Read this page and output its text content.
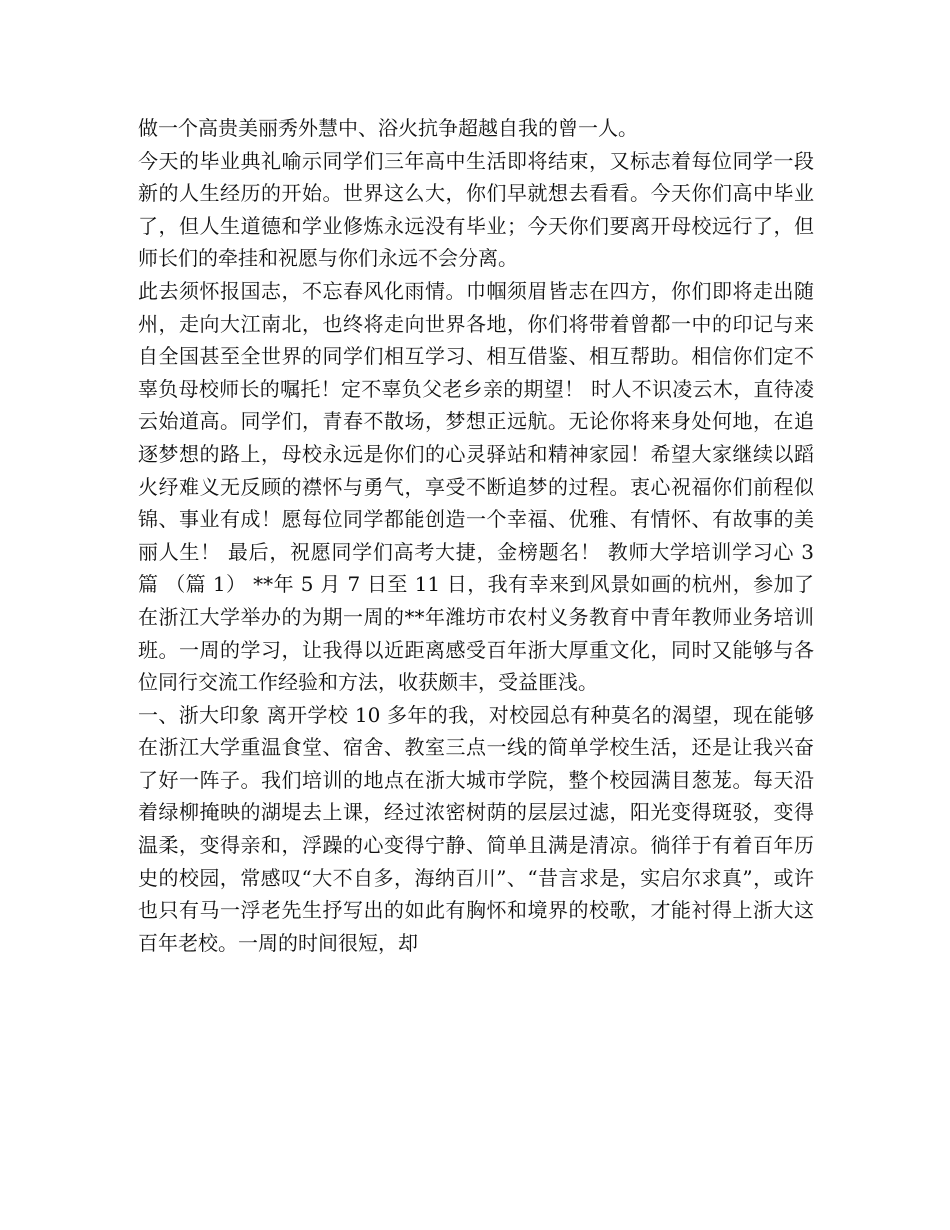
做一个高贵美丽秀外慧中、浴火抗争超越自我的曾一人。

今天的毕业典礼喻示同学们三年高中生活即将结束，又标志着每位同学一段新的人生经历的开始。世界这么大，你们早就想去看看。今天你们高中毕业了，但人生道德和学业修炼永远没有毕业；今天你们要离开母校远行了，但师长们的牵挂和祝愿与你们永远不会分离。

此去须怀报国志，不忘春风化雨情。巾帼须眉皆志在四方，你们即将走出随州，走向大江南北，也终将走向世界各地，你们将带着曾都一中的印记与来自全国甚至全世界的同学们相互学习、相互借鉴、相互帮助。相信你们定不辜负母校师长的嘱托！定不辜负父老乡亲的期望！ 时人不识凌云木，直待凌云始道高。同学们，青春不散场，梦想正远航。无论你将来身处何地，在追逐梦想的路上，母校永远是你们的心灵驿站和精神家园！希望大家继续以蹈火纾难义无反顾的襟怀与勇气，享受不断追梦的过程。衷心祝福你们前程似锦、事业有成！愿每位同学都能创造一个幸福、优雅、有情怀、有故事的美丽人生！ 最后，祝愿同学们高考大捷，金榜题名！ 教师大学培训学习心 3 篇 （篇 1） **年 5 月 7 日至 11 日，我有幸来到风景如画的杭州，参加了在浙江大学举办的为期一周的**年潍坊市农村义务教育中青年教师业务培训班。一周的学习，让我得以近距离感受百年浙大厚重文化，同时又能够与各位同行交流工作经验和方法，收获颇丰，受益匪浅。

一、浙大印象 离开学校 10 多年的我，对校园总有种莫名的渴望，现在能够在浙江大学重温食堂、宿舍、教室三点一线的简单学校生活，还是让我兴奋了好一阵子。我们培训的地点在浙大城市学院，整个校园满目葱茏。每天沿着绿柳掩映的湖堤去上课，经过浓密树荫的层层过滤，阳光变得斑驳，变得温柔，变得亲和，浮躁的心变得宁静、简单且满是清凉。徜徉于有着百年历史的校园，常感叹“大不自多，海纳百川”、“昔言求是，实启尔求真”，或许也只有马一浮老先生抒写出的如此有胸怀和境界的校歌，才能衬得上浙大这百年老校。一周的时间很短，却
